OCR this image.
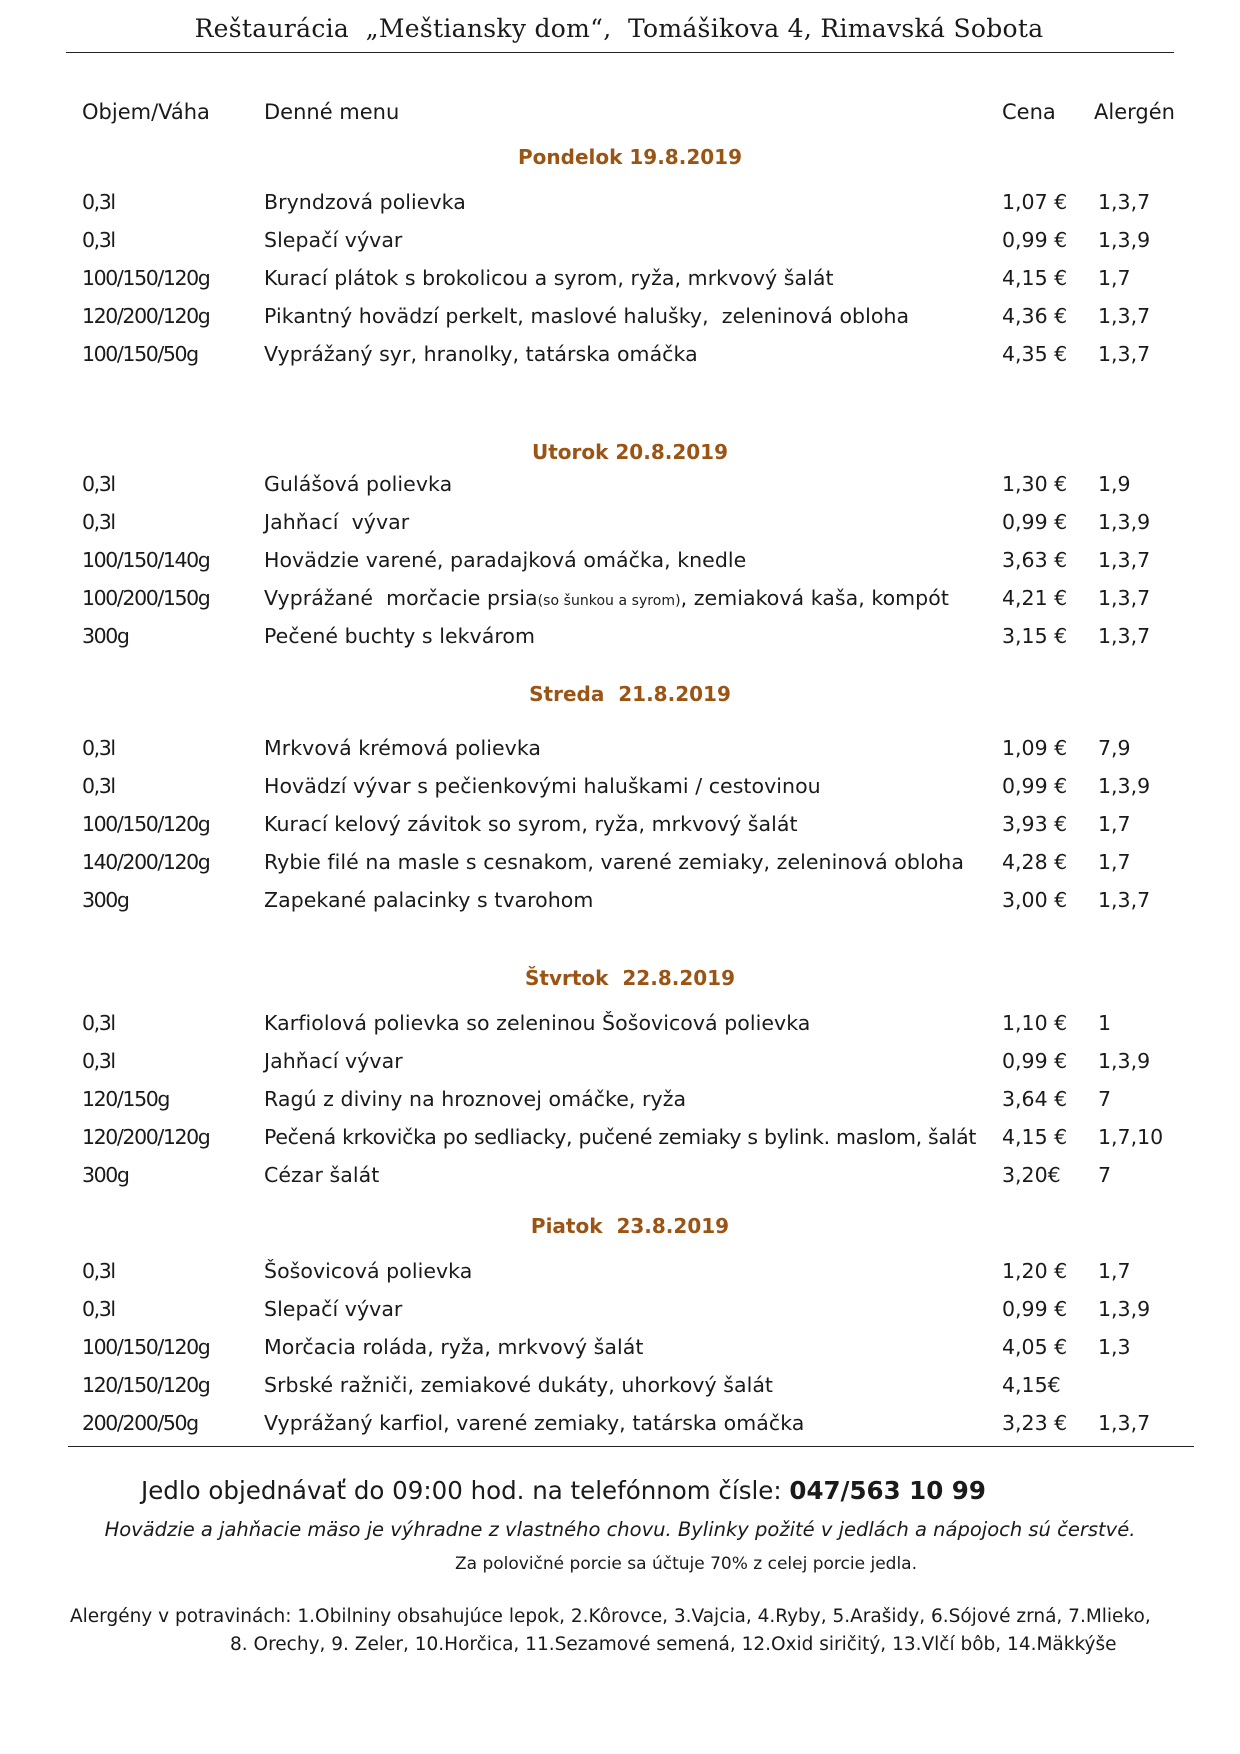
Reštaurácia  „Meštiansky dom“,  Tomášikova 4, Rimavská Sobota
Objem/Váha	Denné menu	Cena Alergén
Pondelok 19.8.2019
0,3l	Bryndzová polievka	1,07 € 1,3,7
0,3l	Slepačí vývar	0,99 € 1,3,9
100/150/120g	Kurací plátok s brokolicou a syrom, ryža, mrkvový šalát	4,15 € 1,7
120/200/120g	Pikantný hovädzí perkelt, maslové halušky,  zeleninová obloha	4,36 € 1,3,7
100/150/50g	Vyprážaný syr, hranolky, tatárska omáčka	4,35 € 1,3,7
Utorok 20.8.2019
0,3l	Gulášová polievka	1,30 € 1,9
0,3l	Jahňací  vývar	0,99 € 1,3,9
100/150/140g	Hovädzie varené, paradajková omáčka, knedle	3,63 € 1,3,7
100/200/150g	Vyprážané  morčacie prsia(so šunkou a syrom), zemiaková kaša, kompót	4,21 € 1,3,7
300g	Pečené buchty s lekvárom	3,15 € 1,3,7
Streda  21.8.2019
0,3l	Mrkvová krémová polievka	1,09 € 7,9
0,3l	Hovädzí vývar s pečienkovými haluškami / cestovinou	0,99 € 1,3,9
100/150/120g	Kurací kelový závitok so syrom, ryža, mrkvový šalát	3,93 € 1,7
140/200/120g	Rybie filé na masle s cesnakom, varené zemiaky, zeleninová obloha 4,28 € 1,7
300g	Zapekané palacinky s tvarohom	3,00 € 1,3,7
Štvrtok  22.8.2019
0,3l	Karfiolová polievka so zeleninou Šošovicová polievka	1,10 € 1
0,3l	Jahňací vývar	0,99 € 1,3,9
120/150g	Ragú z diviny na hroznovej omáčke, ryža	3,64 € 7
120/200/120g	Pečená krkovička po sedliacky, pučené zemiaky s bylink. maslom, šalát 4,15 € 1,7,10
300g	Cézar šalát	3,20€ 7
Piatok  23.8.2019
0,3l	Šošovicová polievka	1,20 € 1,7
0,3l	Slepačí vývar	0,99 € 1,3,9
100/150/120g	Morčacia roláda, ryža, mrkvový šalát	4,05 € 1,3
120/150/120g	Srbské ražniči, zemiakové dukáty, uhorkový šalát	4,15€
200/200/50g	Vyprážaný karfiol, varené zemiaky, tatárska omáčka	3,23 € 1,3,7
Jedlo objednávať do 09:00 hod. na telefónnom čísle: 047/563 10 99
Hovädzie a jahňacie mäso je výhradne z vlastného chovu. Bylinky požité v jedlách a nápojoch sú čerstvé.
Za polovičné porcie sa účtuje 70% z celej porcie jedla.
Alergény v potravinách: 1.Obilniny obsahujúce lepok, 2.Kôrovce, 3.Vajcia, 4.Ryby, 5.Arašidy, 6.Sójové zrná, 7.Mlieko,
8. Orechy, 9. Zeler, 10.Horčica, 11.Sezamové semená, 12.Oxid siričitý, 13.Vlčí bôb, 14.Mäkkýše
